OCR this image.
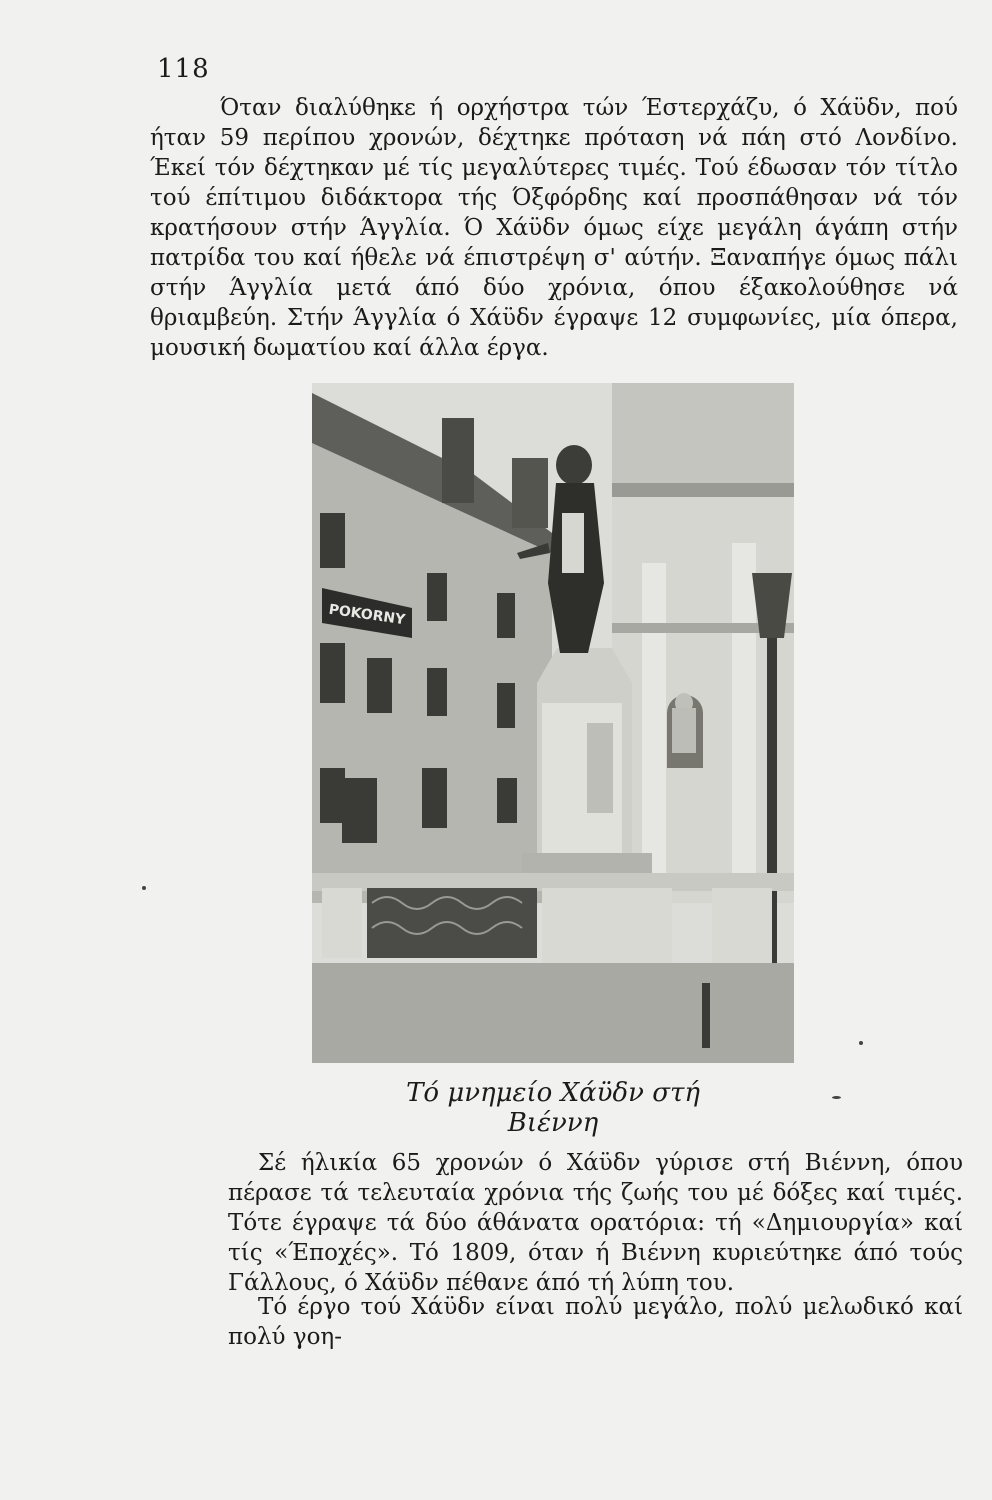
118

Όταν διαλύθηκε ή ορχήστρα τών Έστερχάζυ, ό Χάϋδν, πού ήταν 59 περίπου χρονών, δέχτηκε πρόταση νά πάη στό Λονδίνο. Έκεί τόν δέχτηκαν μέ τίς μεγαλύτερες τιμές. Τού έδωσαν τόν τίτλο τού έπίτιμου διδάκτορα τής Όξφόρδης καί προσπάθησαν νά τόν κρατήσουν στήν Άγγλία. Ό Χάϋδν όμως είχε μεγάλη άγάπη στήν πατρίδα του καί ήθελε νά έπιστρέψη σ' αύτήν. Ξαναπήγε όμως πάλι στήν Άγγλία μετά άπό δύο χρόνια, όπου έξακολούθησε νά θριαμβεύη. Στήν Άγγλία ό Χάϋδν έγραψε 12 συμφωνίες, μία όπερα, μουσική δωματίου καί άλλα έργα.

POKORNY
Τό μνημείο Χάϋδν στή Βιέννη

Σέ ήλικία 65 χρονών ό Χάϋδν γύρισε στή Βιέννη, όπου πέρασε τά τελευταία χρόνια τής ζωής του μέ δόξες καί τιμές. Τότε έγραψε τά δύο άθάνατα ορατόρια: τή «Δημιουργία» καί τίς «Έποχές». Τό 1809, όταν ή Βιέννη κυριεύτηκε άπό τούς Γάλλους, ό Χάϋδν πέθανε άπό τή λύπη του.

Τό έργο τού Χάϋδν είναι πολύ μεγάλο, πολύ μελωδικό καί πολύ γοη-
